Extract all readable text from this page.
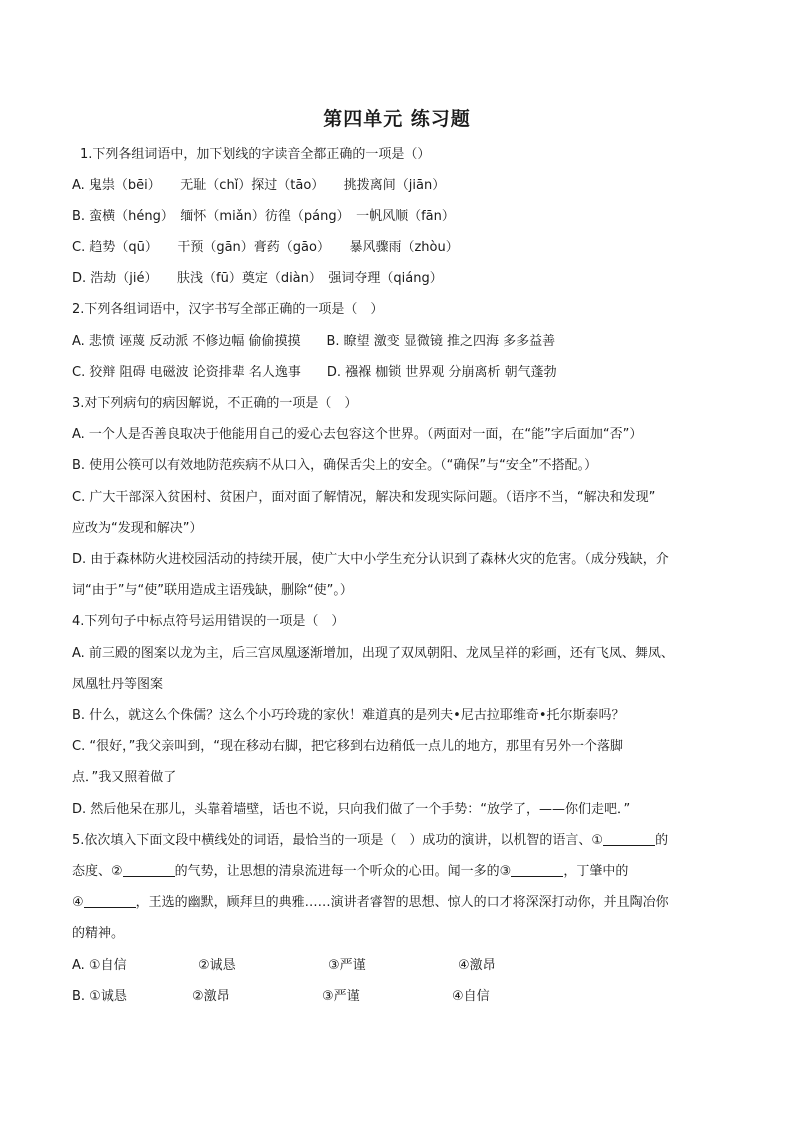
第四单元 练习题
1.下列各组词语中，加下划线的字读音全都正确的一项是（）
A. 鬼祟（bēi）　　无耻（chǐ）探过（tāo）　　挑拨离间（jiān）
B. 蛮横（héng）　缅怀（miǎn）彷徨（páng）　一帆风顺（fān）
C. 趋势（qū）　　干预（gān）膏药（gāo）　　暴风骤雨（zhòu）
D. 浩劫（jié）　　肤浅（fū）奠定（diàn）　强词夺理（qiáng）
2.下列各组词语中，汉字书写全部正确的一项是（　）
A. 悲愤 诬蔑 反动派 不修边幅 偷偷摸摸　　B. 瞭望 激变 显微镜 推之四海 多多益善
C. 狡辩 阻碍 电磁波 论资排辈 名人逸事　　D. 襁褓 枷锁 世界观 分崩离析 朝气蓬勃
3.对下列病句的病因解说，不正确的一项是（　）
A. 一个人是否善良取决于他能用自己的爱心去包容这个世界。（两面对一面，在“能”字后面加“否”）
B. 使用公筷可以有效地防范疾病不从口入，确保舌尖上的安全。（“确保”与“安全”不搭配。）
C. 广大干部深入贫困村、贫困户，面对面了解情况，解决和发现实际问题。（语序不当，“解决和发现”
应改为“发现和解决”）
D. 由于森林防火进校园活动的持续开展，使广大中小学生充分认识到了森林火灾的危害。（成分残缺，介
词“由于”与“使”联用造成主语残缺，删除“使”。）
4.下列句子中标点符号运用错误的一项是（　）
A. 前三殿的图案以龙为主，后三宫凤凰逐渐增加，出现了双凤朝阳、龙凤呈祥的彩画，还有飞凤、舞凤、
凤凰牡丹等图案
B. 什么，就这么个侏儒？这么个小巧玲珑的家伙！难道真的是列夫•尼古拉耶维奇•托尔斯泰吗？
C. “很好，”我父亲叫到，“现在移动右脚，把它移到右边稍低一点儿的地方，那里有另外一个落脚
点．”我又照着做了
D. 然后他呆在那儿，头靠着墙壁，话也不说，只向我们做了一个手势：“放学了，——你们走吧．”
5.依次填入下面文段中横线处的词语，最恰当的一项是（　）成功的演讲，以机智的语言、①	的
态度、②	的气势，让思想的清泉流进每一个听众的心田。闻一多的③	，丁肇中的
④	，王选的幽默，顾拜旦的典雅……演讲者睿智的思想、惊人的口才将深深打动你，并且陶冶你
的精神。
A. ①自信	②诚恳	③严谨	④激昂
B. ①诚恳	②激昂	③严谨	④自信
